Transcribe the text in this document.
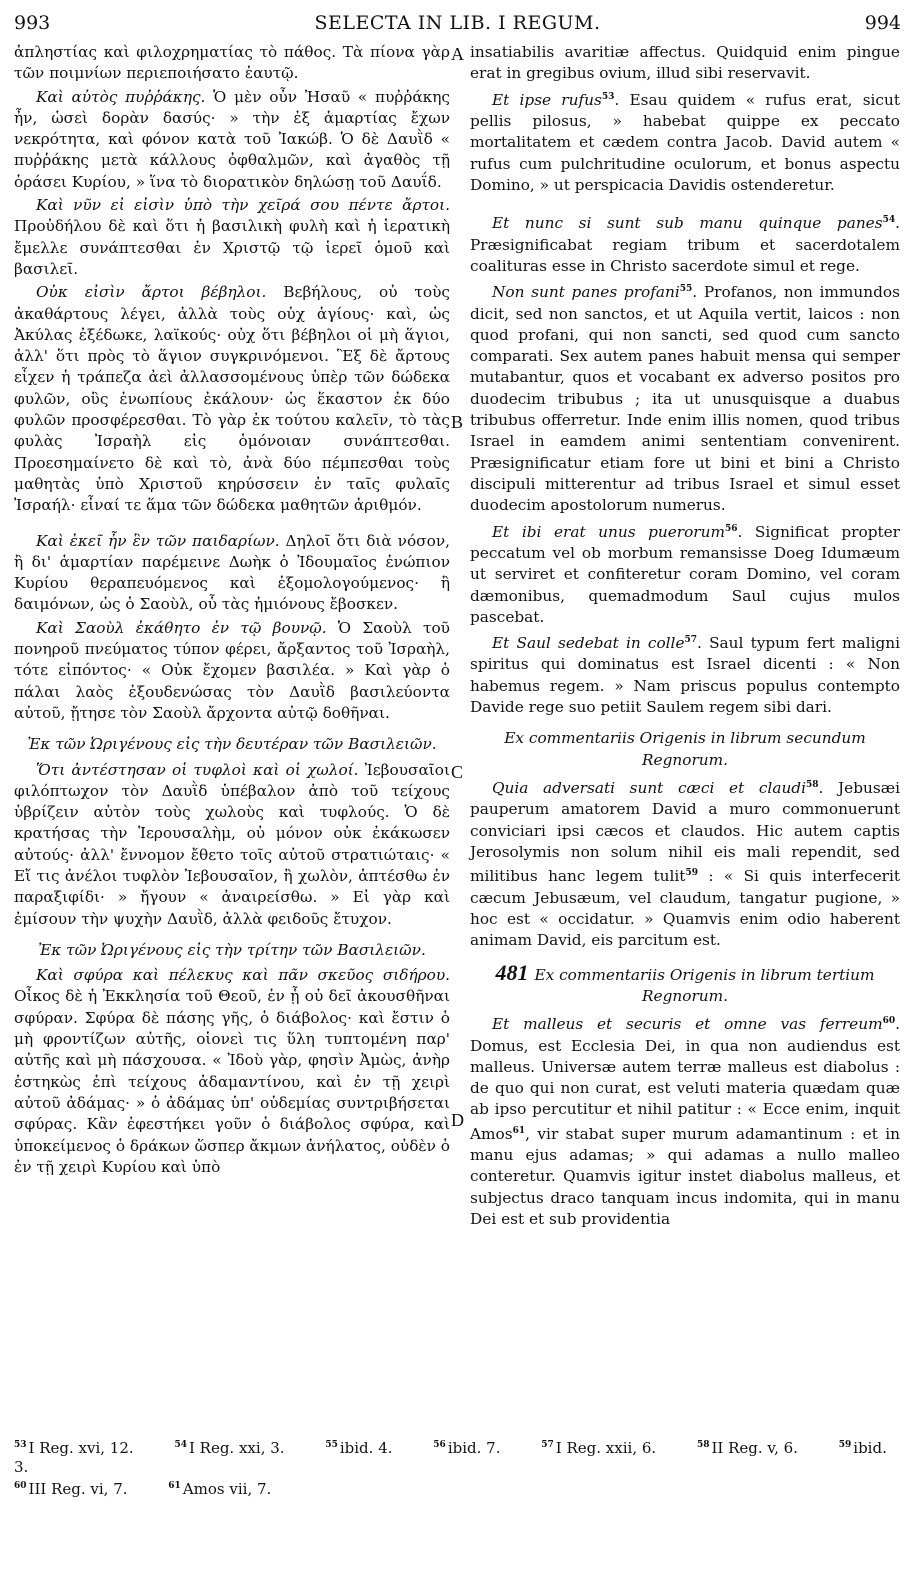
993	SELECTA IN LIB. I REGUM.	994

ἀπληστίας καὶ φιλοχρηματίας τὸ πάθος. Τὰ πίονα γὰρ τῶν ποιμνίων περιεποιήσατο ἑαυτῷ.

Καὶ αὐτὸς πυῤῥάκης. Ὁ μὲν οὖν Ἠσαῦ « πυῤῥάκης ἦν, ὡσεὶ δορὰν δασύς· » τὴν ἐξ ἁμαρτίας ἔχων νεκρότητα, καὶ φόνον κατὰ τοῦ Ἰακώβ. Ὁ δὲ Δαυῒδ « πυῤῥάκης μετὰ κάλλους ὀφθαλμῶν, καὶ ἀγαθὸς τῇ ὁράσει Κυρίου, » ἵνα τὸ διορατικὸν δηλώσῃ τοῦ Δαυΐδ.

Καὶ νῦν εἰ εἰσὶν ὑπὸ τὴν χεῖρά σου πέντε ἄρτοι. Προὐδήλου δὲ καὶ ὅτι ἡ βασιλικὴ φυλὴ καὶ ἡ ἱερατικὴ ἔμελλε συνάπτεσθαι ἐν Χριστῷ τῷ ἱερεῖ ὁμοῦ καὶ βασιλεῖ.

Οὐκ εἰσὶν ἄρτοι βέβηλοι. Βεβήλους, οὐ τοὺς ἀκαθάρτους λέγει, ἀλλὰ τοὺς οὐχ ἁγίους· καὶ, ὡς Ἀκύλας ἐξέδωκε, λαϊκούς· οὐχ ὅτι βέβηλοι οἱ μὴ ἅγιοι, ἀλλ' ὅτι πρὸς τὸ ἅγιον συγκρινόμενοι. Ἓξ δὲ ἄρτους εἶχεν ἡ τράπεζα ἀεὶ ἀλλασσομένους ὑπὲρ τῶν δώδεκα φυλῶν, οὓς ἐνωπίους ἐκάλουν· ὡς ἕκαστον ἐκ δύο φυλῶν προσφέρεσθαι. Τὸ γὰρ ἐκ τούτου καλεῖν, τὸ τὰς φυλὰς Ἰσραὴλ εἰς ὁμόνοιαν συνάπτεσθαι. Προεσημαίνετο δὲ καὶ τὸ, ἀνὰ δύο πέμπεσθαι τοὺς μαθητὰς ὑπὸ Χριστοῦ κηρύσσειν ἐν ταῖς φυλαῖς Ἰσραήλ· εἶναί τε ἅμα τῶν δώδεκα μαθητῶν ἀριθμόν.

Καὶ ἐκεῖ ἦν ἓν τῶν παιδαρίων. Δηλοῖ ὅτι διὰ νόσον, ἢ δι' ἁμαρτίαν παρέμεινε Δωὴκ ὁ Ἰδουμαῖος ἐνώπιον Κυρίου θεραπευόμενος καὶ ἐξομολογούμενος· ἢ δαιμόνων, ὡς ὁ Σαοὺλ, οὗ τὰς ἡμιόνους ἔβοσκεν.

Καὶ Σαοὺλ ἐκάθητο ἐν τῷ βουνῷ. Ὁ Σαοὺλ τοῦ πονηροῦ πνεύματος τύπον φέρει, ἄρξαντος τοῦ Ἰσραὴλ, τότε εἰπόντος· « Οὐκ ἔχομεν βασιλέα. » Καὶ γὰρ ὁ πάλαι λαὸς ἐξουδενώσας τὸν Δαυῒδ βασιλεύοντα αὐτοῦ, ᾔτησε τὸν Σαοὺλ ἄρχοντα αὐτῷ δοθῆναι.

Ἐκ τῶν Ὠριγένους εἰς τὴν δευτέραν τῶν Βασιλειῶν.

Ὅτι ἀντέστησαν οἱ τυφλοὶ καὶ οἱ χωλοί. Ἰεβουσαῖοι φιλόπτωχον τὸν Δαυῒδ ὑπέβαλον ἀπὸ τοῦ τείχους ὑβρίζειν αὐτὸν τοὺς χωλοὺς καὶ τυφλούς. Ὁ δὲ κρατήσας τὴν Ἱερουσαλὴμ, οὐ μόνον οὐκ ἐκάκωσεν αὐτούς· ἀλλ' ἔννομον ἔθετο τοῖς αὐτοῦ στρατιώταις· « Εἴ τις ἀνέλοι τυφλὸν Ἰεβουσαῖον, ἢ χωλὸν, ἁπτέσθω ἐν παραξιφίδι· » ἤγουν « ἀναιρείσθω. » Εἰ γὰρ καὶ ἐμίσουν τὴν ψυχὴν Δαυῒδ, ἀλλὰ φειδοῦς ἔτυχον.

Ἐκ τῶν Ὠριγένους εἰς τὴν τρίτην τῶν Βασιλειῶν.

Καὶ σφύρα καὶ πέλεκυς καὶ πᾶν σκεῦος σιδήρου. Οἶκος δὲ ἡ Ἐκκλησία τοῦ Θεοῦ, ἐν ᾗ οὐ δεῖ ἀκουσθῆναι σφύραν. Σφύρα δὲ πάσης γῆς, ὁ διάβολος· καὶ ἔστιν ὁ μὴ φροντίζων αὐτῆς, οἱονεὶ τις ὕλη τυπτομένη παρ' αὐτῆς καὶ μὴ πάσχουσα. « Ἰδοὺ γὰρ, φησὶν Ἀμὼς, ἀνὴρ ἑστηκὼς ἐπὶ τείχους ἀδαμαντίνου, καὶ ἐν τῇ χειρὶ αὐτοῦ ἀδάμας· » ὁ ἀδάμας ὑπ' οὐδεμίας συντριβήσεται σφύρας. Κἂν ἐφεστήκει γοῦν ὁ διάβολος σφύρα, καὶ ὑποκείμενος ὁ δράκων ὥσπερ ἄκμων ἀνήλατος, οὐδὲν ὁ ἐν τῇ χειρὶ Κυρίου καὶ ὑπὸ

A
B
C
D

insatiabilis avaritiæ affectus. Quidquid enim pingue erat in gregibus ovium, illud sibi reservavit.

Et ipse rufus$^{53}$. Esau quidem « rufus erat, sicut pellis pilosus, » habebat quippe ex peccato mortalitatem et cædem contra Jacob. David autem « rufus cum pulchritudine oculorum, et bonus aspectu Domino, » ut perspicacia Davidis ostenderetur.

Et nunc si sunt sub manu quinque panes$^{54}$. Præsignificabat regiam tribum et sacerdotalem coalituras esse in Christo sacerdote simul et rege.

Non sunt panes profani$^{55}$. Profanos, non immundos dicit, sed non sanctos, et ut Aquila vertit, laicos : non quod profani, qui non sancti, sed quod cum sancto comparati. Sex autem panes habuit mensa qui semper mutabantur, quos et vocabant ex adverso positos pro duodecim tribubus ; ita ut unusquisque a duabus tribubus offerretur. Inde enim illis nomen, quod tribus Israel in eamdem animi sententiam convenirent. Præsignificatur etiam fore ut bini et bini a Christo discipuli mitterentur ad tribus Israel et simul esset duodecim apostolorum numerus.

Et ibi erat unus puerorum$^{56}$. Significat propter peccatum vel ob morbum remansisse Doeg Idumæum ut serviret et confiteretur coram Domino, vel coram dæmonibus, quemadmodum Saul cujus mulos pascebat.

Et Saul sedebat in colle$^{57}$. Saul typum fert maligni spiritus qui dominatus est Israel dicenti : « Non habemus regem. » Nam priscus populus contempto Davide rege suo petiit Saulem regem sibi dari.

Ex commentariis Origenis in librum secundum Regnorum.

Quia adversati sunt cæci et claudi$^{58}$. Jebusæi pauperum amatorem David a muro commonuerunt conviciari ipsi cæcos et claudos. Hic autem captis Jerosolymis non solum nihil eis mali rependit, sed militibus hanc legem tulit$^{59}$ : « Si quis interfecerit cæcum Jebusæum, vel claudum, tangatur pugione, » hoc est « occidatur. » Quamvis enim odio haberent animam David, eis parcitum est.

481 Ex commentariis Origenis in librum tertium Regnorum.

Et malleus et securis et omne vas ferreum$^{60}$. Domus, est Ecclesia Dei, in qua non audiendus est malleus. Universæ autem terræ malleus est diabolus : de quo qui non curat, est veluti materia quædam quæ ab ipso percutitur et nihil patitur : « Ecce enim, inquit Amos$^{61}$, vir stabat super murum adamantinum : et in manu ejus adamas; » qui adamas a nullo malleo conteretur. Quamvis igitur instet diabolus malleus, et subjectus draco tanquam incus indomita, qui in manu Dei est et sub providentia

$^{53}$ I Reg. xvi, 12.	$^{54}$ I Reg. xxi, 3.	$^{55}$ ibid. 4.	$^{56}$ ibid. 7.	$^{57}$ I Reg. xxii, 6.	$^{58}$ II Reg. v, 6.	$^{59}$ ibid. 3.
$^{60}$ III Reg. vi, 7.	$^{61}$ Amos vii, 7.
